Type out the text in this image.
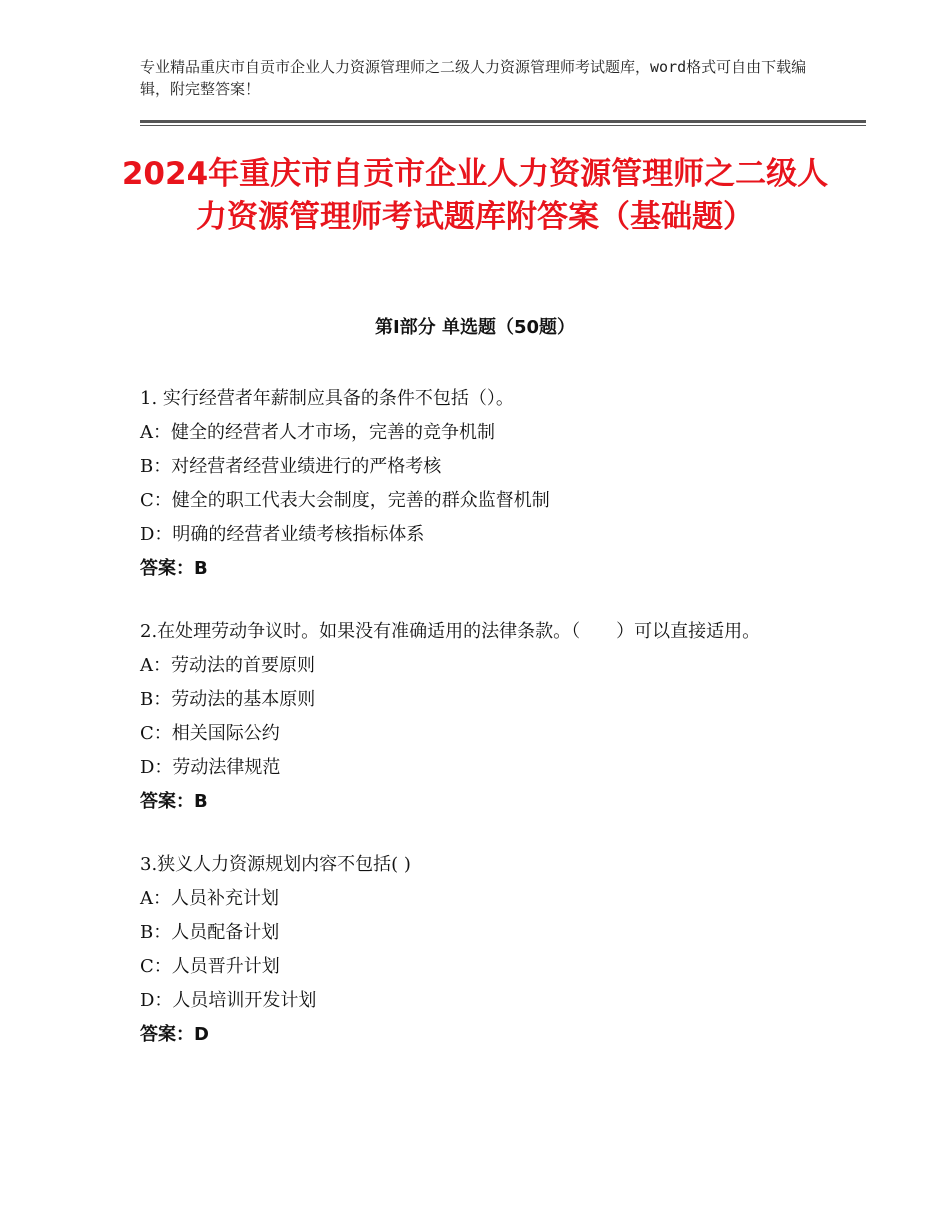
专业精品重庆市自贡市企业人力资源管理师之二级人力资源管理师考试题库，word格式可自由下载编辑，附完整答案！
2024年重庆市自贡市企业人力资源管理师之二级人力资源管理师考试题库附答案（基础题）
第Ⅰ部分 单选题（50题）
1. 实行经营者年薪制应具备的条件不包括（）。
A：健全的经营者人才市场，完善的竞争机制
B：对经营者经营业绩进行的严格考核
C：健全的职工代表大会制度，完善的群众监督机制
D：明确的经营者业绩考核指标体系
答案：B
2.在处理劳动争议时。如果没有准确适用的法律条款。（　　）可以直接适用。
A：劳动法的首要原则
B：劳动法的基本原则
C：相关国际公约
D：劳动法律规范
答案：B
3.狭义人力资源规划内容不包括( )
A：人员补充计划
B：人员配备计划
C：人员晋升计划
D：人员培训开发计划
答案：D
